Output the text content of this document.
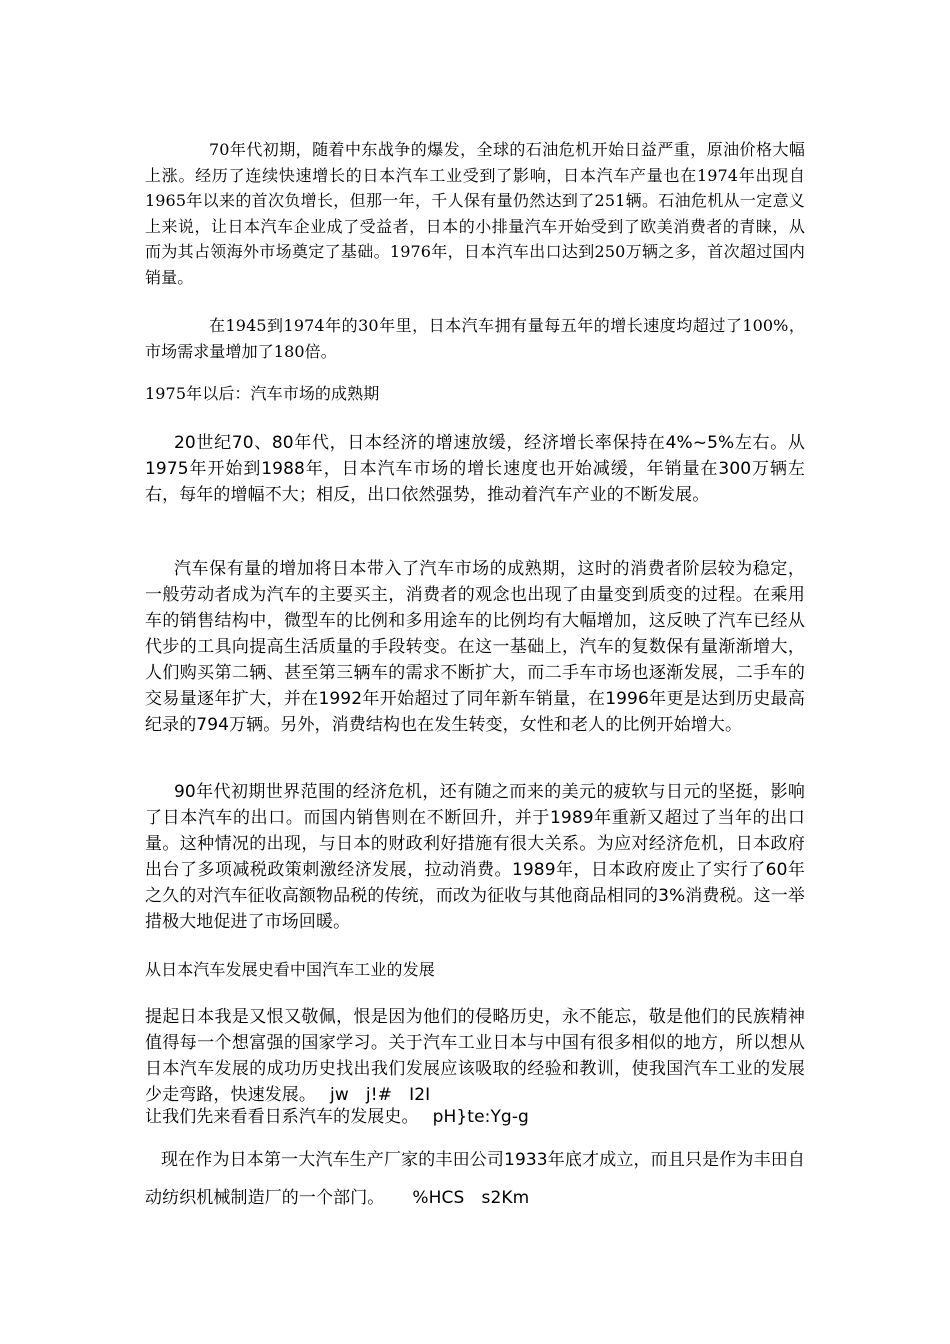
70年代初期，随着中东战争的爆发，全球的石油危机开始日益严重，原油价格大幅上涨。经历了连续快速增长的日本汽车工业受到了影响，日本汽车产量也在1974年出现自1965年以来的首次负增长，但那一年，千人保有量仍然达到了251辆。石油危机从一定意义上来说，让日本汽车企业成了受益者，日本的小排量汽车开始受到了欧美消费者的青睐，从而为其占领海外市场奠定了基础。1976年，日本汽车出口达到250万辆之多，首次超过国内销量。

在1945到1974年的30年里，日本汽车拥有量每五年的增长速度均超过了100%，市场需求量增加了180倍。

1975年以后：汽车市场的成熟期

20世纪70、80年代，日本经济的增速放缓，经济增长率保持在4%~5%左右。从1975年开始到1988年，日本汽车市场的增长速度也开始减缓，年销量在300万辆左右，每年的增幅不大；相反，出口依然强势，推动着汽车产业的不断发展。

汽车保有量的增加将日本带入了汽车市场的成熟期，这时的消费者阶层较为稳定，一般劳动者成为汽车的主要买主，消费者的观念也出现了由量变到质变的过程。在乘用车的销售结构中，微型车的比例和多用途车的比例均有大幅增加，这反映了汽车已经从代步的工具向提高生活质量的手段转变。在这一基础上，汽车的复数保有量渐渐增大，人们购买第二辆、甚至第三辆车的需求不断扩大，而二手车市场也逐渐发展，二手车的交易量逐年扩大，并在1992年开始超过了同年新车销量，在1996年更是达到历史最高纪录的794万辆。另外，消费结构也在发生转变，女性和老人的比例开始增大。

90年代初期世界范围的经济危机，还有随之而来的美元的疲软与日元的坚挺，影响了日本汽车的出口。而国内销售则在不断回升，并于1989年重新又超过了当年的出口量。这种情况的出现，与日本的财政利好措施有很大关系。为应对经济危机，日本政府出台了多项减税政策刺激经济发展，拉动消费。1989年，日本政府废止了实行了60年之久的对汽车征收高额物品税的传统，而改为征收与其他商品相同的3%消费税。这一举措极大地促进了市场回暖。

从日本汽车发展史看中国汽车工业的发展

提起日本我是又恨又敬佩，恨是因为他们的侵略历史，永不能忘，敬是他们的民族精神值得每一个想富强的国家学习。关于汽车工业日本与中国有很多相似的地方，所以想从日本汽车发展的成功历史找出我们发展应该吸取的经验和教训，使我国汽车工业的发展少走弯路，快速发展。 jw　j!#　I2I

让我们先来看看日系汽车的发展史。 pH}te:Yg-g

现在作为日本第一大汽车生产厂家的丰田公司1933年底才成立，而且只是作为丰田自动纺织机械制造厂的一个部门。 %HCS　s2Km
